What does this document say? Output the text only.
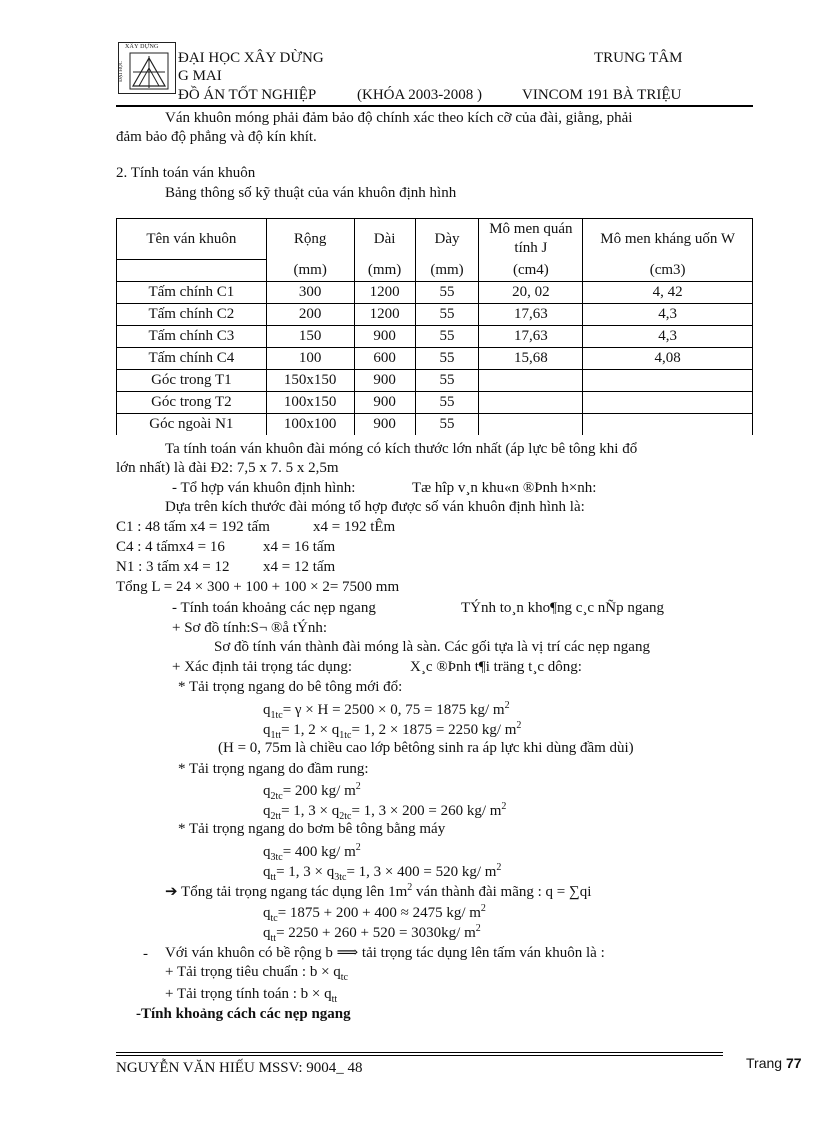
XÂY DỰNG
ĐẠI HỌC
ĐẠI HỌC XÂY DỪNG	TRUNG TÂM
G MAI
ĐỒ ÁN TỐT NGHIỆP	(KHÓA 2003-2008 )	VINCOM 191 BÀ TRIỆU
Ván khuôn móng phải đảm bảo độ chính xác theo kích cỡ của đài, giằng, phải
đảm bảo độ phẳng và độ kín khít.
2. Tính toán ván khuôn
Bảng thông số kỹ thuật của ván khuôn định hình
Tên ván khuôn	Rộng	Dài	Dày	Mô men quán tính J	Mô men kháng uốn W
	(mm)	(mm)	(mm)	(cm4)	(cm3)
Tấm chính C1	300	1200	55	20, 02	4, 42
Tấm chính C2	200	1200	55	17,63	4,3
Tấm chính C3	150	900	55	17,63	4,3
Tấm chính C4	100	600	55	15,68	4,08
Góc trong T1	150x150	900	55		
Góc trong T2	100x150	900	55		
Góc ngoài N1	100x100	900	55		
Ta tính toán ván khuôn đài móng có kích thước lớn nhất (áp lực bê tông khi đổ
lớn nhất) là đài Đ2: 7,5 x 7. 5 x 2,5m
- Tổ hợp ván khuôn định hình:	Tæ hîp v¸n khu«n ®Þnh h×nh:
Dựa trên kích thước đài móng tổ hợp được số ván khuôn định hình là:
C1 : 48 tấm x4 = 192 tấm	x4 = 192 tÊm
C4 : 4 tấmx4 = 16	x4 = 16 tấm
N1 : 3 tấm x4 = 12 x4 = 12 tấm
Tổng L = 24 × 300 + 100 + 100 × 2= 7500 mm
- Tính toán khoảng các nẹp ngang	TÝnh to¸n kho¶ng c¸c nÑp ngang
+ Sơ đồ tính:S¬ ®å tÝnh:
Sơ đồ tính ván thành đài móng là sàn. Các gối tựa là vị trí các nẹp ngang
+ Xác định tải trọng tác dụng:	X¸c ®Þnh t¶i träng t¸c dông:
* Tải trọng ngang do bê tông mới đổ:
$q_{1tc}= \gamma \times H = 2500 \times 0$, 75 = 1875 kg/ $m^2$
$q_{1tt}= 1$, $2 \times q_{1tc}= 1$, 2 × 1875 = 2250 kg/ $m^2$
(H = 0, 75m là chiều cao lớp bêtông sinh ra áp lực khi dùng đầm dùi)
* Tải trọng ngang do đầm rung:
$q_{2tc}= 200$ kg/ $m^2$
$q_{2tt}= 1$, $3 \times q_{2tc}= 1$, 3 × 200 = 260 kg/ $m^2$
* Tải trọng ngang do bơm bê tông bằng máy
$q_{3tc}= 400$ kg/ $m^2$
$q_{tt}= 1$, $3 \times q_{3tc}= 1$, 3 × 400 = 520 kg/ $m^2$
➔ Tổng tải trọng ngang tác dụng lên $1m^2$ ván thành đài mãng : q = ∑qi
$q_{tc}= 1875 + 200 + 400 \approx 2475$ kg/ $m^2$
$q_{tt}= 2250 + 260 + 520 = 3030kg/$ $m^2$
- Với ván khuôn có bề rộng b ⟹ tải trọng tác dụng lên tấm ván khuôn là :
+ Tải trọng tiêu chuẩn : $b \times q_{tc}$
+ Tải trọng tính toán : $b \times q_{tt}$
-Tính khoảng cách các nẹp ngang
NGUYỄN VĂN HIẾU MSSV: 9004_ 48	Trang 77
